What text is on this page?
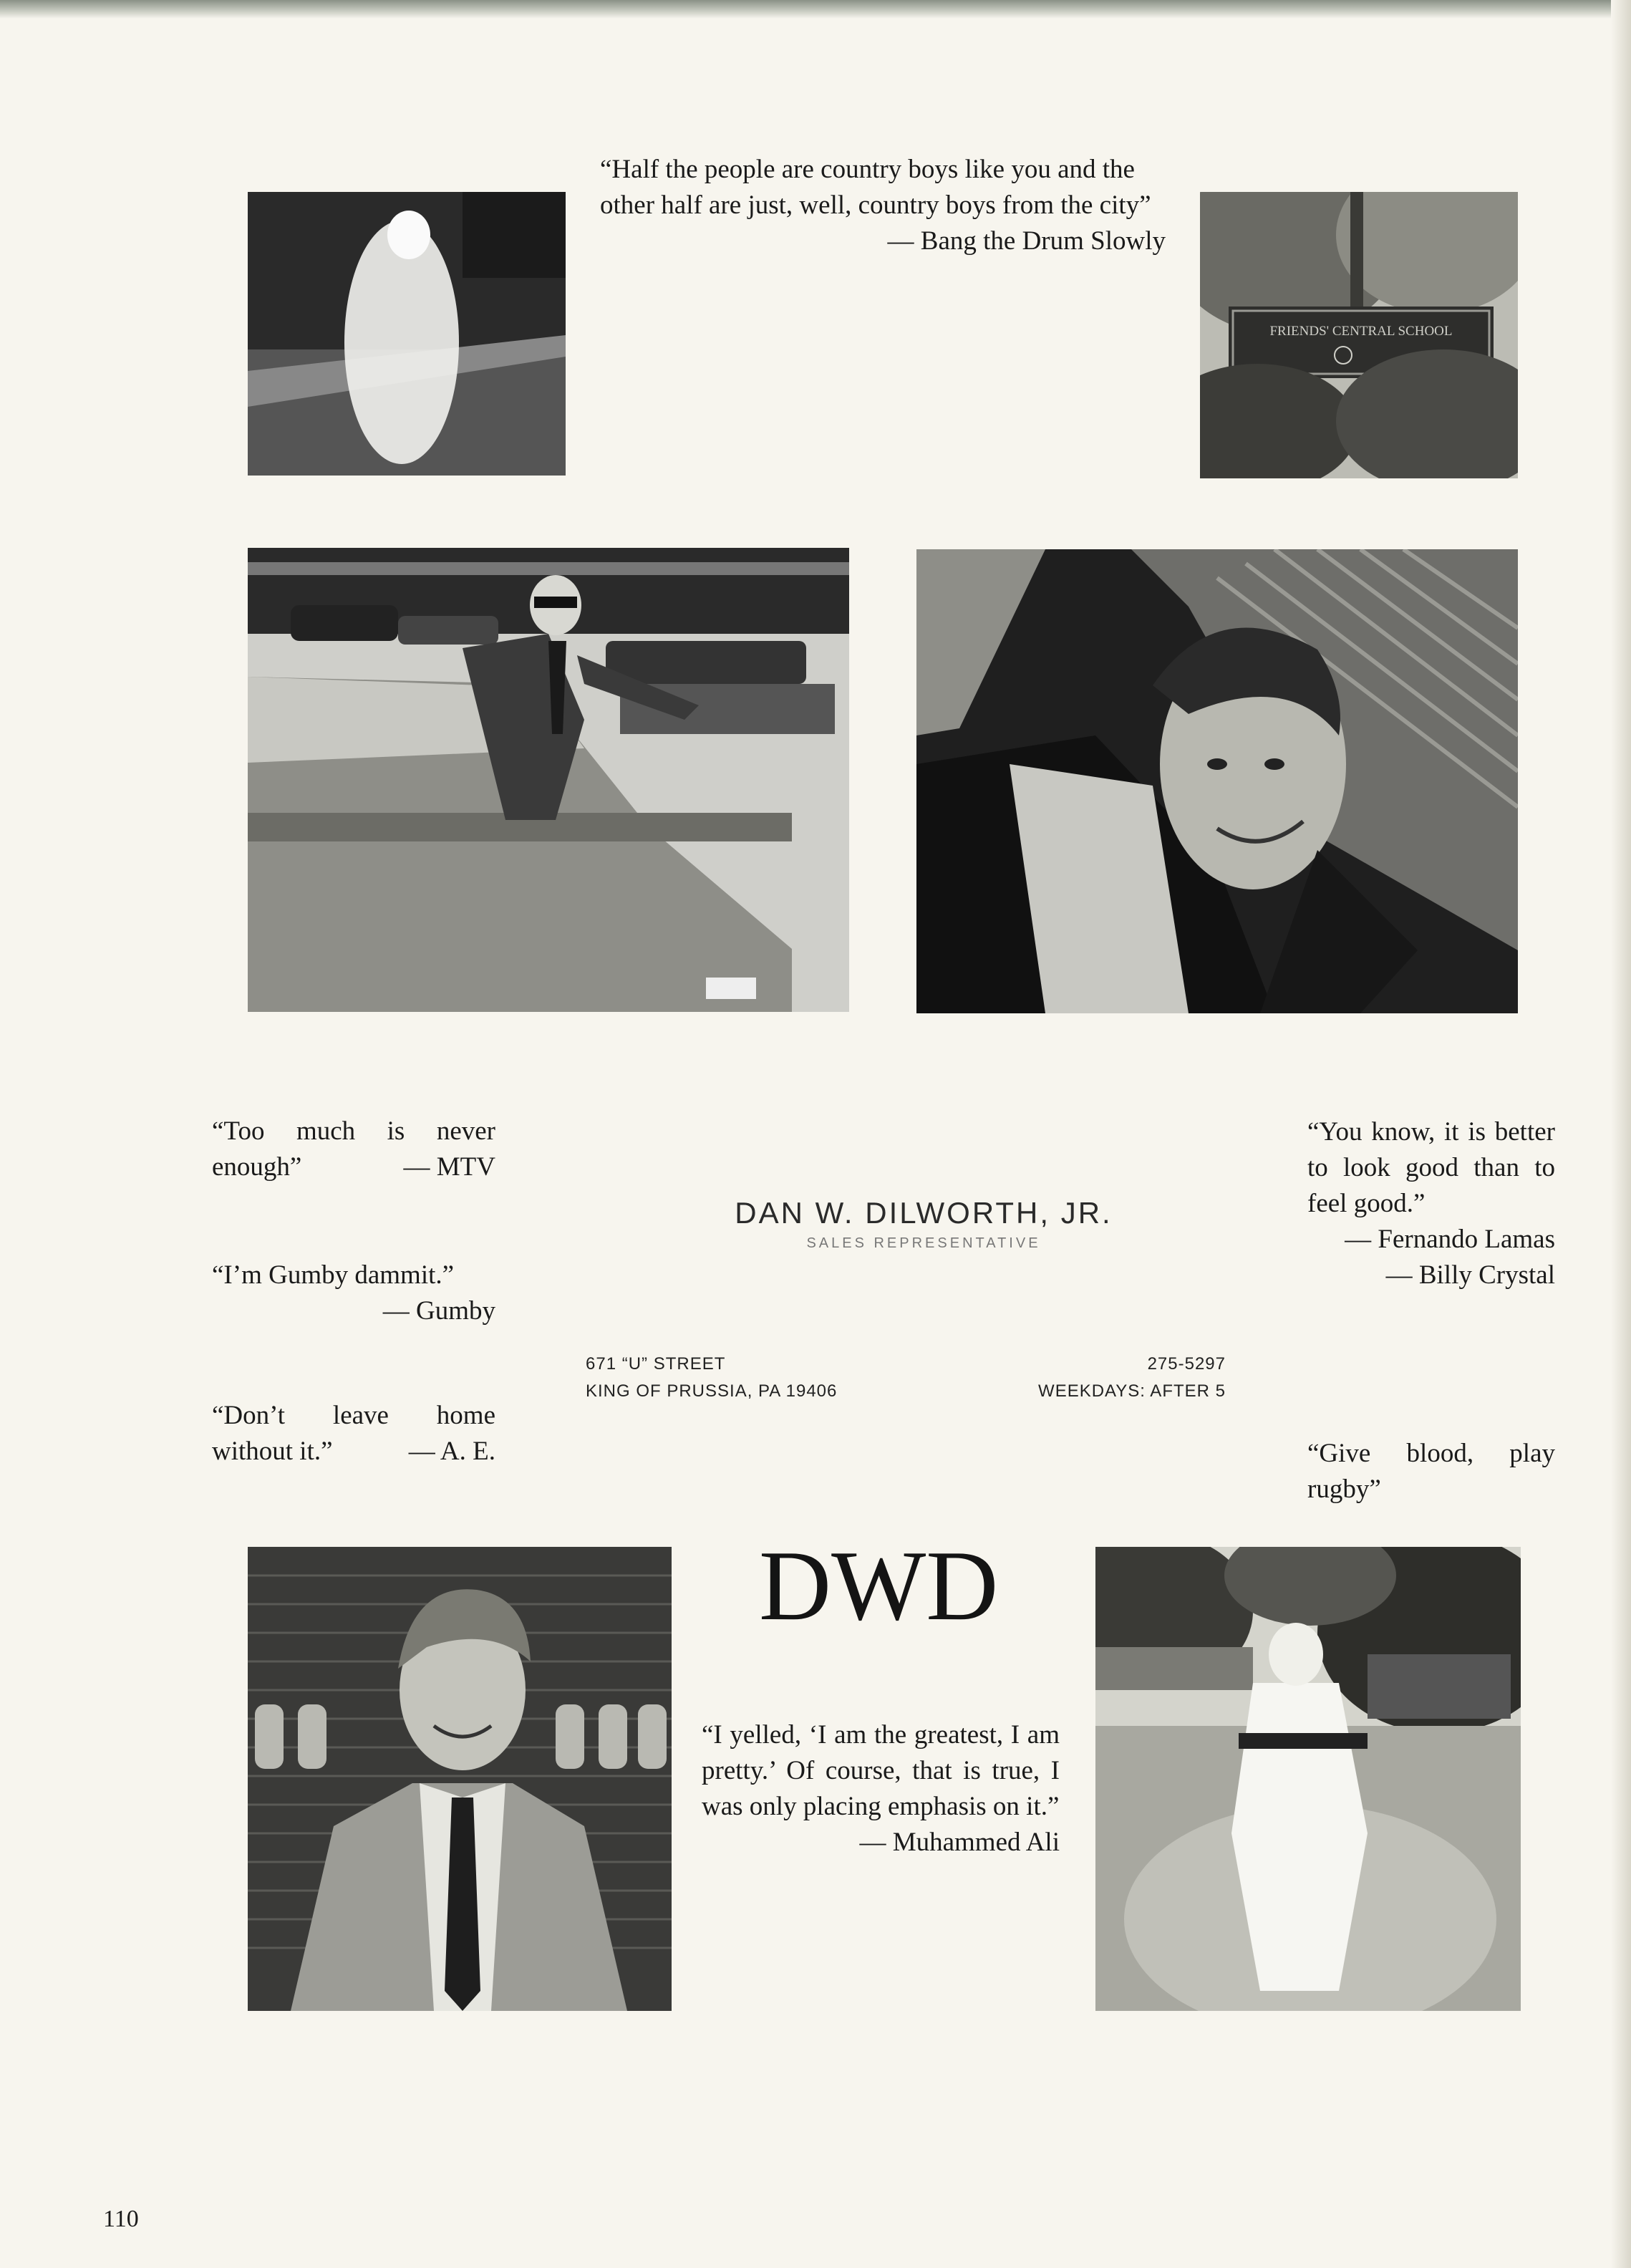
“Half the people are country boys like you and the other half are just, well, country boys from the city”
— Bang the Drum Slowly
FRIENDS' CENTRAL SCHOOL
“Too much is never enough”	— MTV
“I’m Gumby dammit.”
— Gumby
“Don’t leave home without it.”	— A. E.
DAN W. DILWORTH, JR.
SALES REPRESENTATIVE
671 “U” STREET
KING OF PRUSSIA, PA 19406
275-5297
WEEKDAYS: AFTER 5
“You know, it is better to look good than to feel good.”
— Fernando Lamas
— Billy Crystal
“Give blood, play rugby”
DWD
“I yelled, ‘I am the greatest, I am pretty.’ Of course, that is true, I was only placing emphasis on it.”
— Muhammed Ali
110
